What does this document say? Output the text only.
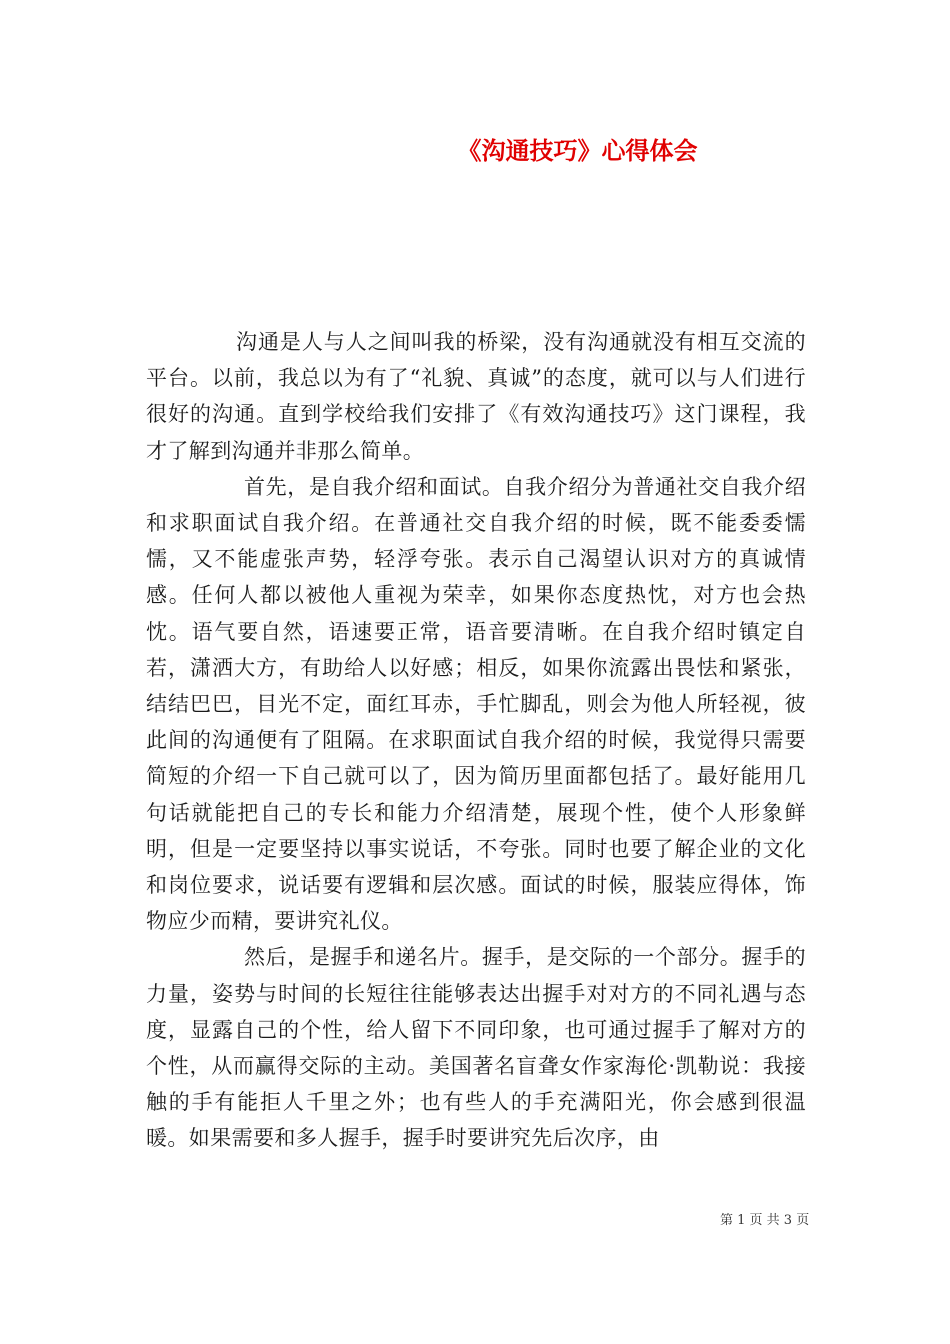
《沟通技巧》心得体会

沟通是人与人之间叫我的桥梁，没有沟通就没有相互交流的平台。以前，我总以为有了“礼貌、真诚”的态度，就可以与人们进行很好的沟通。直到学校给我们安排了《有效沟通技巧》这门课程，我才了解到沟通并非那么简单。

首先，是自我介绍和面试。自我介绍分为普通社交自我介绍和求职面试自我介绍。在普通社交自我介绍的时候，既不能委委懦懦，又不能虚张声势，轻浮夸张。表示自己渴望认识对方的真诚情感。任何人都以被他人重视为荣幸，如果你态度热忱，对方也会热忱。语气要自然，语速要正常，语音要清晰。在自我介绍时镇定自若，潇洒大方，有助给人以好感；相反，如果你流露出畏怯和紧张，结结巴巴，目光不定，面红耳赤，手忙脚乱，则会为他人所轻视，彼此间的沟通便有了阻隔。在求职面试自我介绍的时候，我觉得只需要简短的介绍一下自己就可以了，因为简历里面都包括了。最好能用几句话就能把自己的专长和能力介绍清楚，展现个性，使个人形象鲜明，但是一定要坚持以事实说话，不夸张。同时也要了解企业的文化和岗位要求，说话要有逻辑和层次感。面试的时候，服装应得体，饰物应少而精，要讲究礼仪。

然后，是握手和递名片。握手，是交际的一个部分。握手的力量，姿势与时间的长短往往能够表达出握手对对方的不同礼遇与态度，显露自己的个性，给人留下不同印象，也可通过握手了解对方的个性，从而赢得交际的主动。美国著名盲聋女作家海伦·凯勒说：我接触的手有能拒人千里之外；也有些人的手充满阳光，你会感到很温暖。如果需要和多人握手，握手时要讲究先后次序，由

第 1 页 共 3 页
